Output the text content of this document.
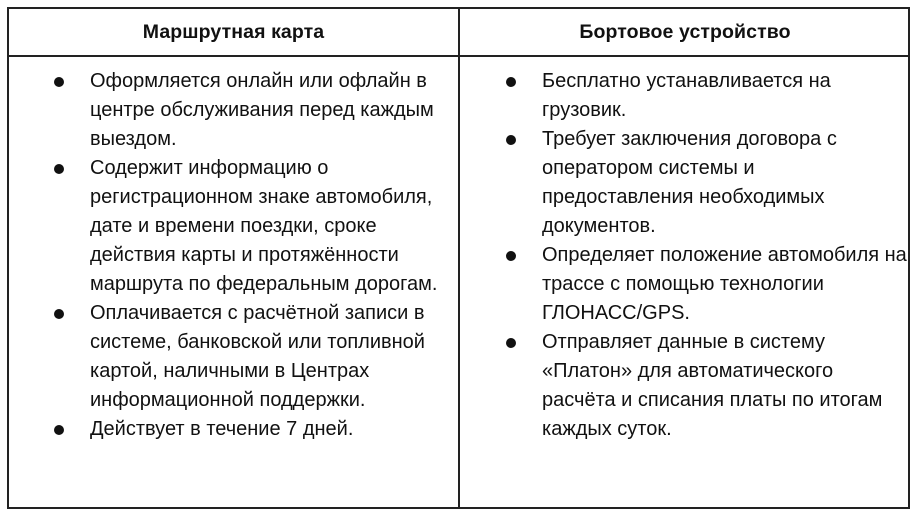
Маршрутная карта	Бортовое устройство
Оформляется онлайн или офлайн в центре обслуживания перед каждым выездом.
Содержит информацию о регистрационном знаке автомобиля, дате и времени поездки, сроке действия карты и протяжённости маршрута по федеральным дорогам.
Оплачивается с расчётной записи в системе, банковской или топливной картой, наличными в Центрах информационной поддержки.
Действует в течение 7 дней.
Бесплатно устанавливается на грузовик.
Требует заключения договора с оператором системы и предоставления необходимых документов.
Определяет положение автомобиля на трассе с помощью технологии ГЛОНАСС/GPS.
Отправляет данные в систему «Платон» для автоматического расчёта и списания платы по итогам каждых суток.
